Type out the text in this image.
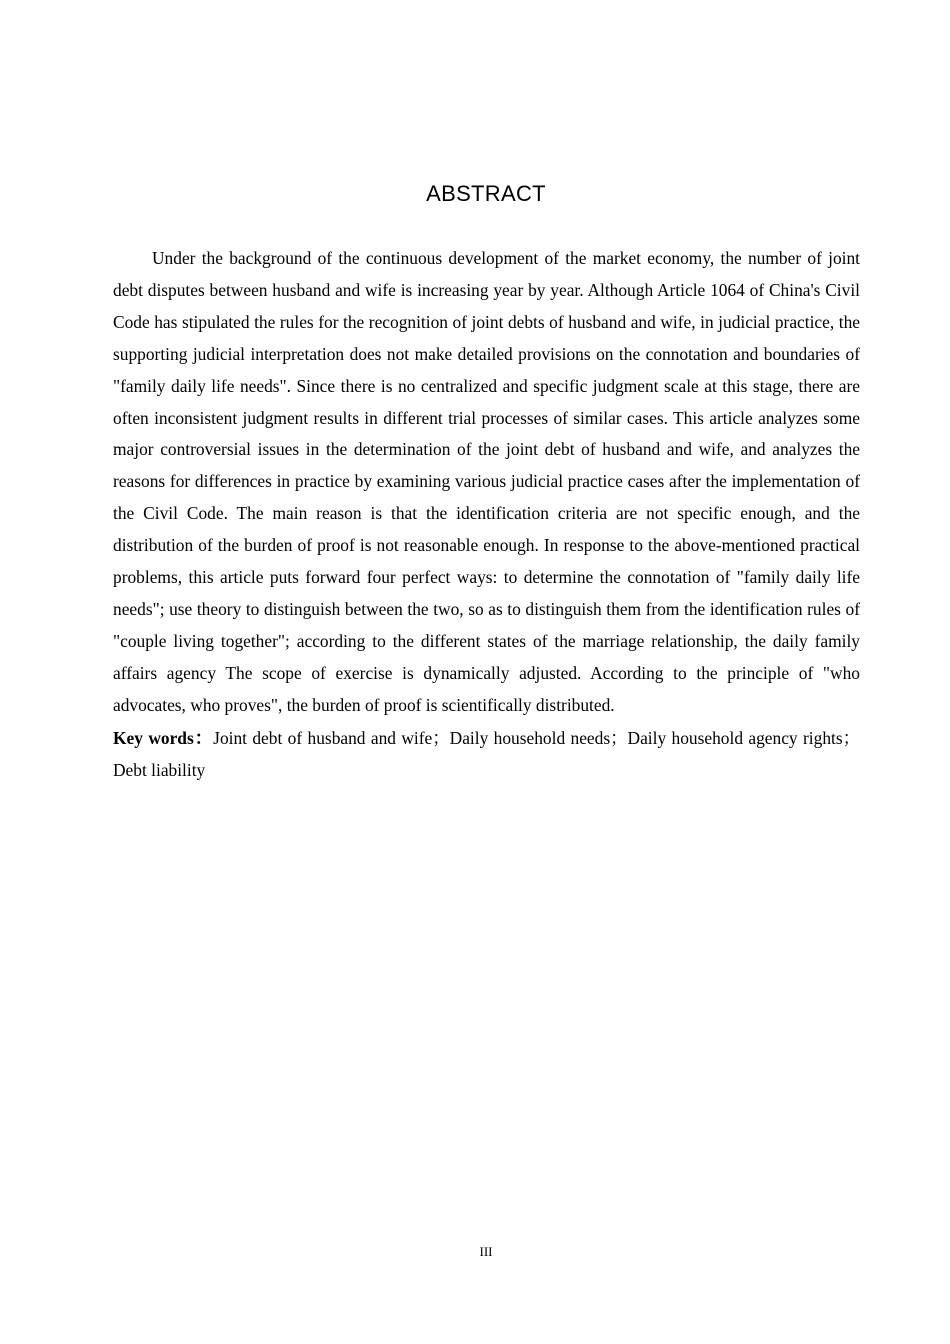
ABSTRACT

Under the background of the continuous development of the market economy, the number of joint debt disputes between husband and wife is increasing year by year. Although Article 1064 of China's Civil Code has stipulated the rules for the recognition of joint debts of husband and wife, in judicial practice, the supporting judicial interpretation does not make detailed provisions on the connotation and boundaries of "family daily life needs". Since there is no centralized and specific judgment scale at this stage, there are often inconsistent judgment results in different trial processes of similar cases. This article analyzes some major controversial issues in the determination of the joint debt of husband and wife, and analyzes the reasons for differences in practice by examining various judicial practice cases after the implementation of the Civil Code. The main reason is that the identification criteria are not specific enough, and the distribution of the burden of proof is not reasonable enough. In response to the above-mentioned practical problems, this article puts forward four perfect ways: to determine the connotation of "family daily life needs"; use theory to distinguish between the two, so as to distinguish them from the identification rules of "couple living together"; according to the different states of the marriage relationship, the daily family affairs agency The scope of exercise is dynamically adjusted. According to the principle of "who advocates, who proves", the burden of proof is scientifically distributed.

Key words：Joint debt of husband and wife；Daily household needs；Daily household agency rights；Debt liability

III
